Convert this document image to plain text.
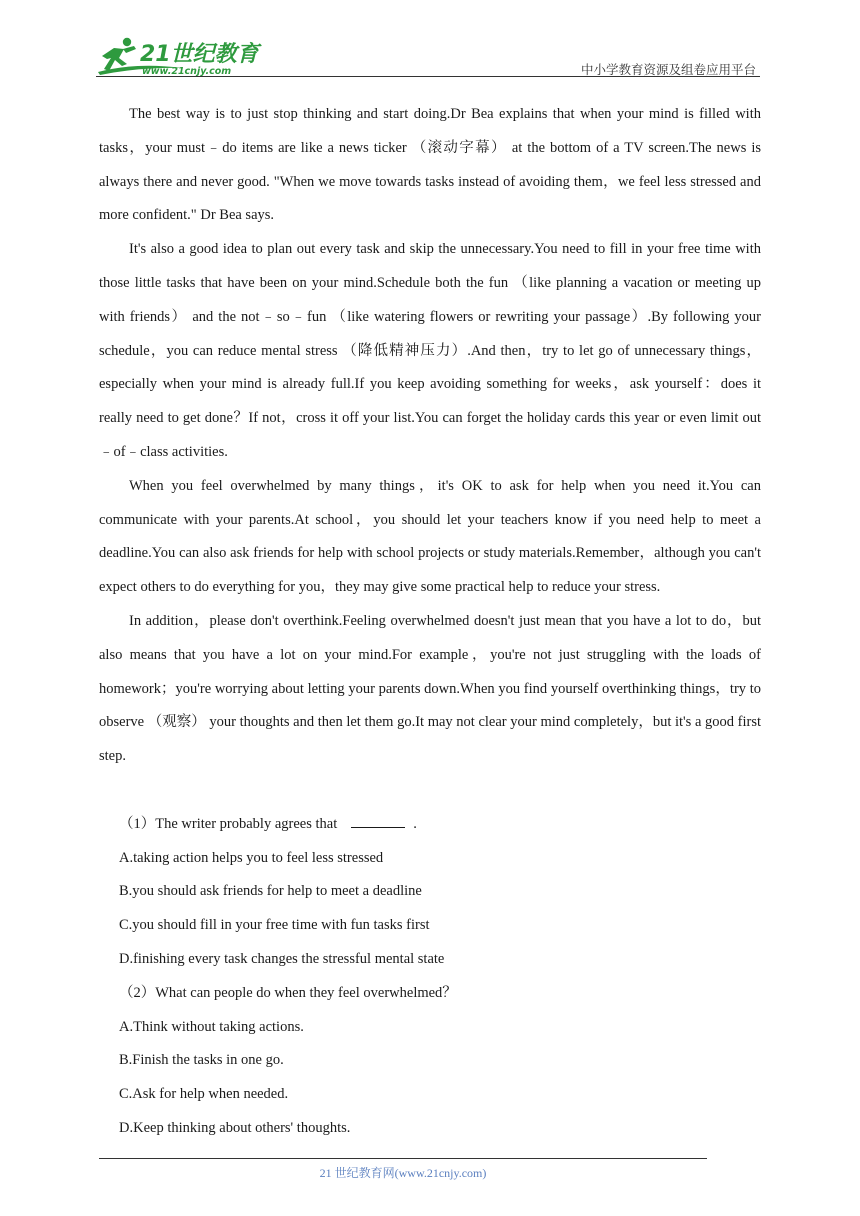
21世纪教育
www.21cnjy.com	中小学教育资源及组卷应用平台

The best way is to just stop thinking and start doing.Dr Bea explains that when your mind is filled with tasks，your must﹣do items are like a news ticker （滚动字幕） at the bottom of a TV screen.The news is always there and never good. "When we move towards tasks instead of avoiding them，we feel less stressed and more confident." Dr Bea says.

It's also a good idea to plan out every task and skip the unnecessary.You need to fill in your free time with those little tasks that have been on your mind.Schedule both the fun （like planning a vacation or meeting up with friends） and the not﹣so﹣fun （like watering flowers or rewriting your passage）.By following your schedule，you can reduce mental stress （降低精神压力）.And then，try to let go of unnecessary things，especially when your mind is already full.If you keep avoiding something for weeks，ask yourself：does it really need to get done？If not，cross it off your list.You can forget the holiday cards this year or even limit out﹣of﹣class activities.

When you feel overwhelmed by many things，it's OK to ask for help when you need it.You can communicate with your parents.At school，you should let your teachers know if you need help to meet a deadline.You can also ask friends for help with school projects or study materials.Remember，although you can't expect others to do everything for you，they may give some practical help to reduce your stress.

In addition，please don't overthink.Feeling overwhelmed doesn't just mean that you have a lot to do，but also means that you have a lot on your mind.For example，you're not just struggling with the loads of homework；you're worrying about letting your parents down.When you find yourself overthinking things，try to observe （观察） your thoughts and then let them go.It may not clear your mind completely，but it's a good first step.

（1）The writer probably agrees that	.

A.taking action helps you to feel less stressed

B.you should ask friends for help to meet a deadline

C.you should fill in your free time with fun tasks first

D.finishing every task changes the stressful mental state

（2）What can people do when they feel overwhelmed？

A.Think without taking actions.

B.Finish the tasks in one go.

C.Ask for help when needed.

D.Keep thinking about others' thoughts.

21 世纪教育网(www.21cnjy.com)
